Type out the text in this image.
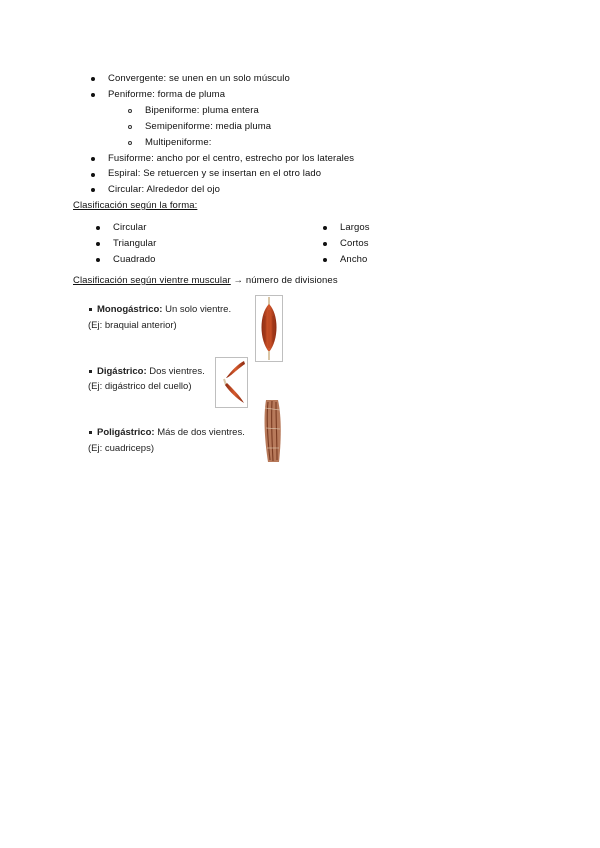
Convergente: se unen en un solo músculo
Peniforme: forma de pluma
Bipeniforme: pluma entera
Semipeniforme: media pluma
Multipeniforme:
Fusiforme: ancho por el centro, estrecho por los laterales
Espiral: Se retuercen y se insertan en el otro lado
Circular: Alrededor del ojo
Clasificación según la forma:
Circular
Triangular
Cuadrado
Largos
Cortos
Ancho
Clasificación según vientre muscular → número de divisiones
Monogástrico: Un solo vientre.
(Ej: braquial anterior)
Digástrico: Dos vientres.
(Ej: digástrico del cuello)
Poligástrico: Más de dos vientres.
(Ej: cuadriceps)
